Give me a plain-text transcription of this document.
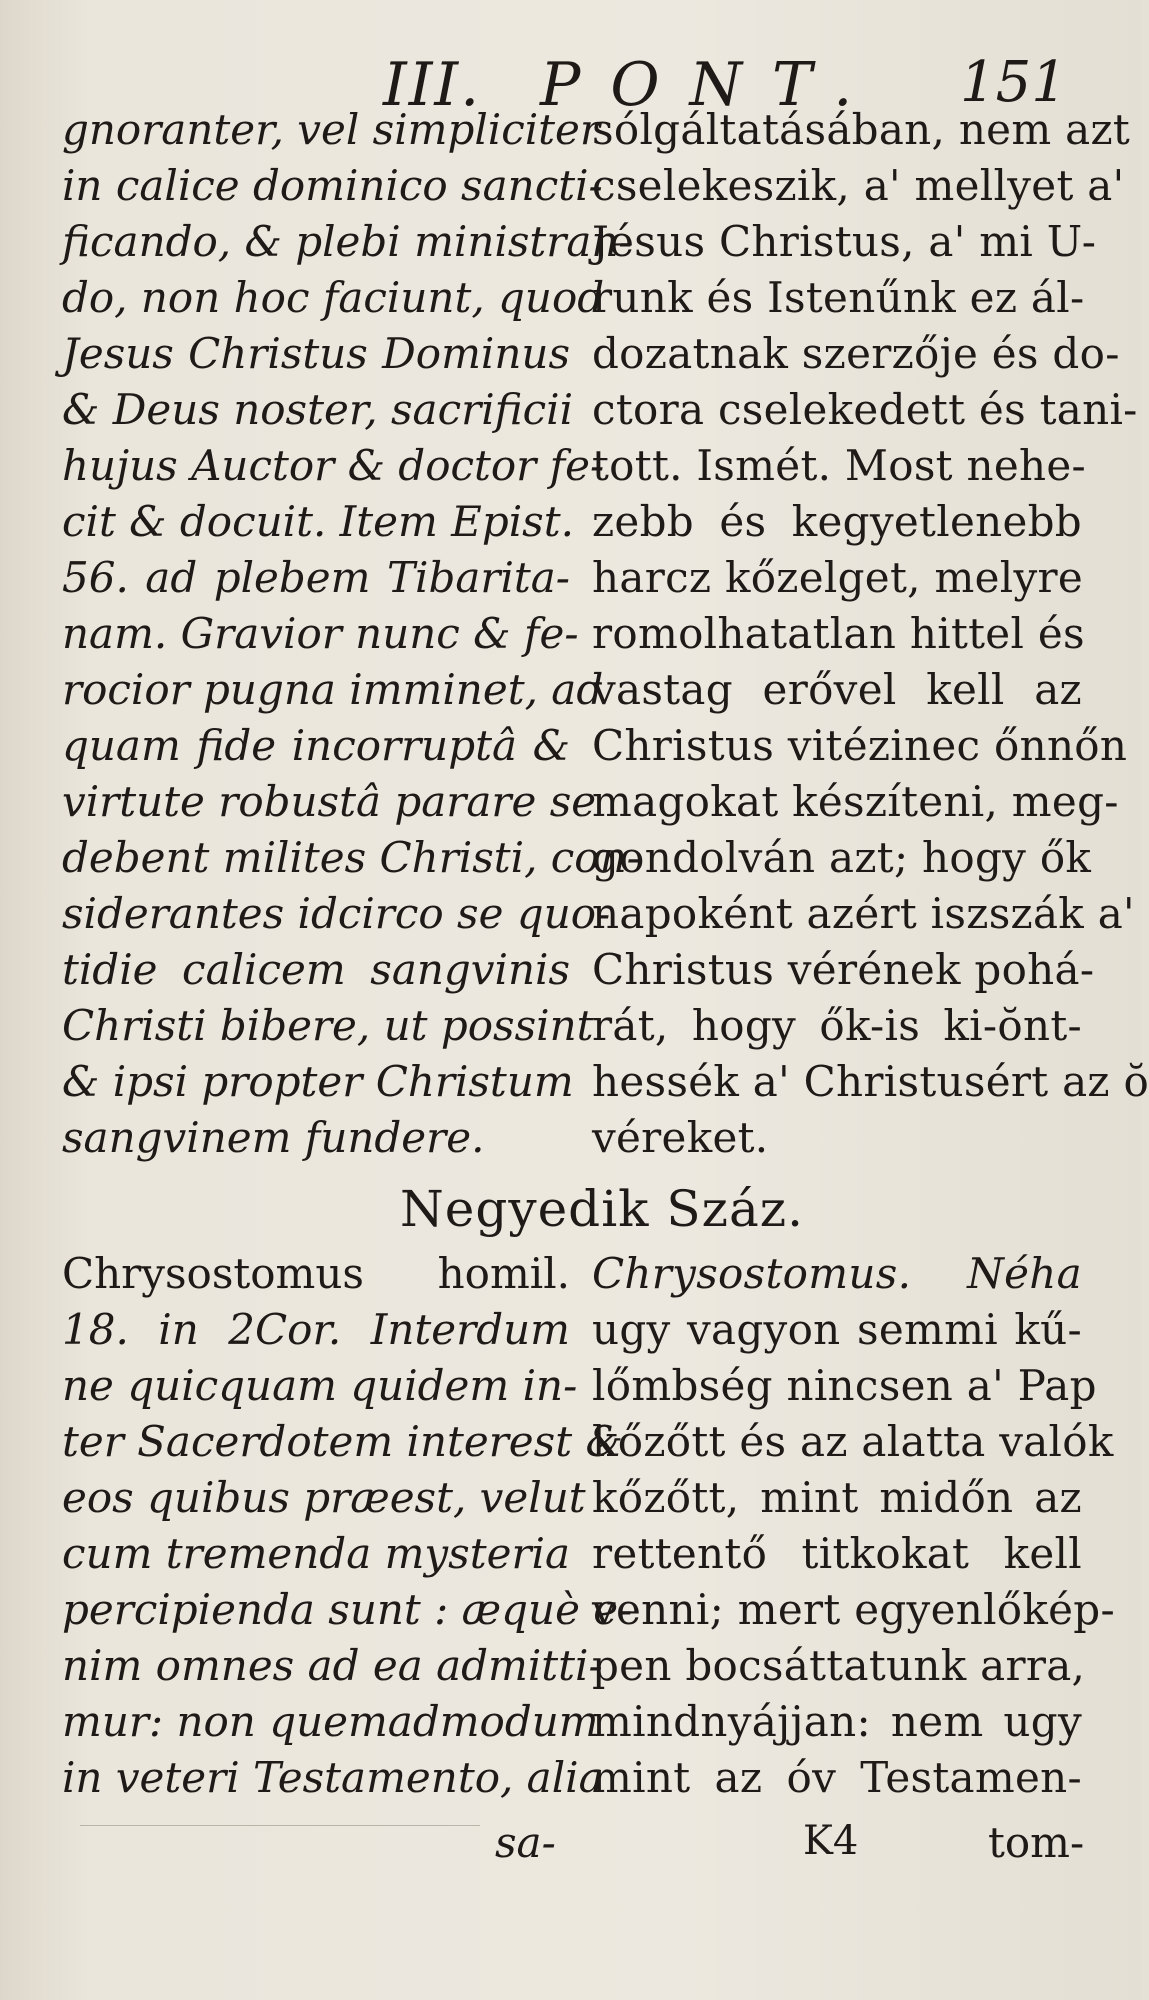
III. PONT. 151
gnoranter, vel simpliciter
in calice dominico sancti-
ficando, & plebi ministran-
do, non hoc faciunt, quod
Jesus Christus Dominus
& Deus noster, sacrificii
hujus Auctor & doctor fe-
cit & docuit. Item Epist.
56. ad plebem Tibarita-
nam. Gravior nunc & fe-
rocior pugna imminet, ad
quam fide incorruptâ &
virtute robustâ parare se
debent milites Christi, con-
siderantes idcirco se quo-
tidie calicem sangvinis
Christi bibere, ut possint
& ipsi propter Christum
sangvinem fundere.
sólgáltatásában, nem azt
cselekeszik, a' mellyet a'
Jésus Christus, a' mi U-
runk és Istenűnk ez ál-
dozatnak szerzője és do-
ctora cselekedett és tani-
tott. Ismét. Most nehe-
zebb és kegyetlenebb
harcz kőzelget, melyre
romolhatatlan hittel és
vastag erővel kell az
Christus vitézinec őnnőn
magokat készíteni, meg-
gondolván azt; hogy ők
napoként azért iszszák a'
Christus vérének pohá-
rát, hogy ők-is ki-ŏnt-
hessék a' Christusért az ŏ
véreket.
Negyedik Száz.
Chrysostomus homil.
18. in 2Cor. Interdum
ne quicquam quidem in-
ter Sacerdotem interest &
eos quibus præest, velut
cum tremenda mysteria
percipienda sunt : æquè e-
nim omnes ad ea admitti-
mur: non quemadmodum
in veteri Testamento, alia
Chrysostomus. Néha
ugy vagyon semmi kű-
lőmbség nincsen a' Pap
kőzőtt és az alatta valók
kőzőtt, mint midőn az
rettentő titkokat kell
venni; mert egyenlőkép-
pen bocsáttatunk arra,
mindnyájjan: nem ugy
mint az óv Testamen-
sa-	K4	tom-
